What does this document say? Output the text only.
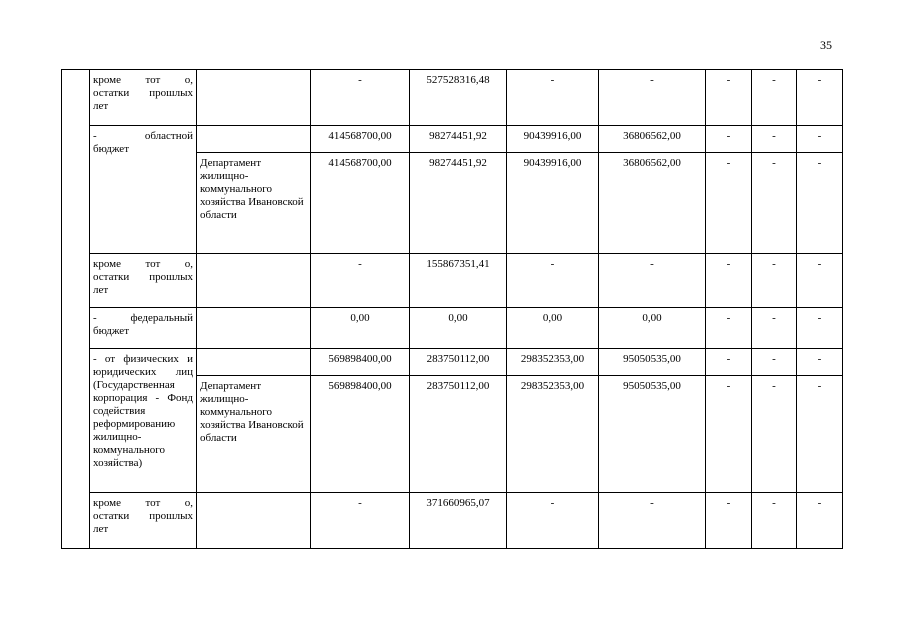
35

	кроме тот о,
остатки прошлых лет		-	527528316,48	-	-	-	-	-

	- областной
бюджет		414568700,00	98274451,92	90439916,00	36806562,00	-	-	-
		Департамент жилищно-коммунального хозяйства Ивановской области	414568700,00	98274451,92	90439916,00	36806562,00	-	-	-

	кроме тот о,
остатки прошлых лет		-	155867351,41	-	-	-	-	-

	- федеральный
бюджет		0,00	0,00	0,00	0,00	-	-	-
	- от физических и юридических лиц (Государственная корпорация - Фонд содействия реформированию жилищно-коммунального хозяйства)		569898400,00	283750112,00	298352353,00	95050535,00	-	-	-
		Департамент жилищно-коммунального хозяйства Ивановской области	569898400,00	283750112,00	298352353,00	95050535,00	-	-	-

	кроме тот о,
остатки прошлых лет		-	371660965,07	-	-	-	-	-
